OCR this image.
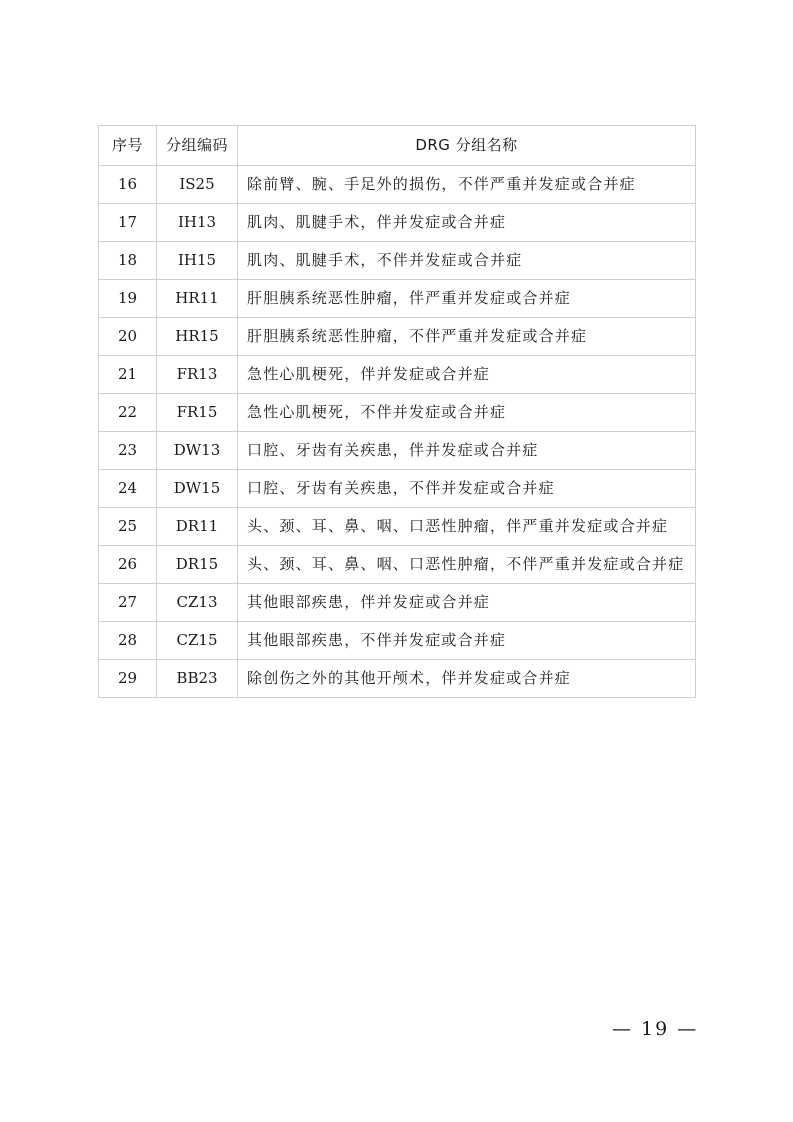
序号	分组编码	DRG 分组名称
16	IS25	除前臂、腕、手足外的损伤，不伴严重并发症或合并症
17	IH13	肌肉、肌腱手术，伴并发症或合并症
18	IH15	肌肉、肌腱手术，不伴并发症或合并症
19	HR11	肝胆胰系统恶性肿瘤，伴严重并发症或合并症
20	HR15	肝胆胰系统恶性肿瘤，不伴严重并发症或合并症
21	FR13	急性心肌梗死，伴并发症或合并症
22	FR15	急性心肌梗死，不伴并发症或合并症
23	DW13	口腔、牙齿有关疾患，伴并发症或合并症
24	DW15	口腔、牙齿有关疾患，不伴并发症或合并症
25	DR11	头、颈、耳、鼻、咽、口恶性肿瘤，伴严重并发症或合并症
26	DR15	头、颈、耳、鼻、咽、口恶性肿瘤，不伴严重并发症或合并症
27	CZ13	其他眼部疾患，伴并发症或合并症
28	CZ15	其他眼部疾患，不伴并发症或合并症
29	BB23	除创伤之外的其他开颅术，伴并发症或合并症
— 19 —
